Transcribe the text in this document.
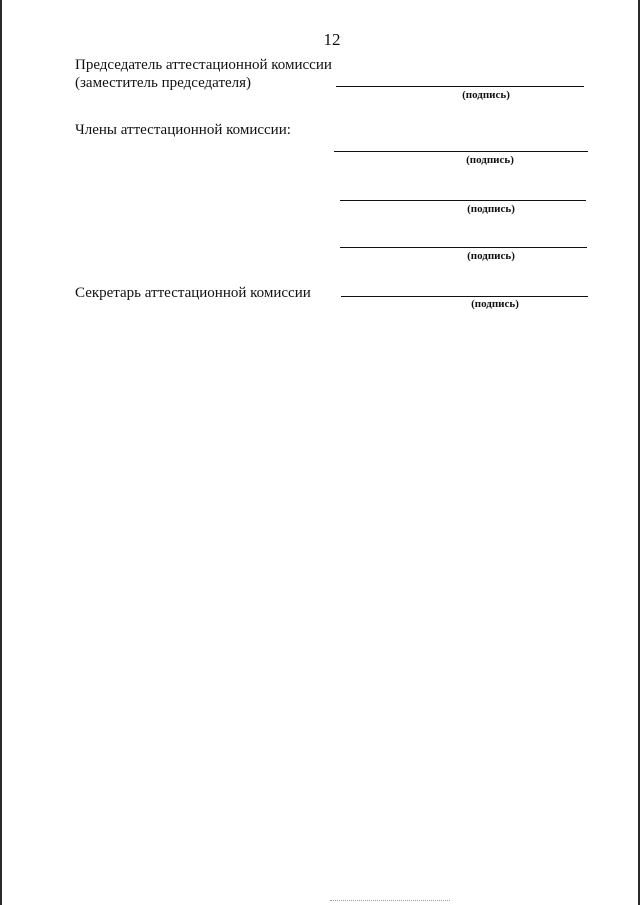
12
Председатель аттестационной комиссии
(заместитель председателя)
(подпись)
Члены аттестационной комиссии:
(подпись)
(подпись)
(подпись)
Секретарь аттестационной комиссии
(подпись)
